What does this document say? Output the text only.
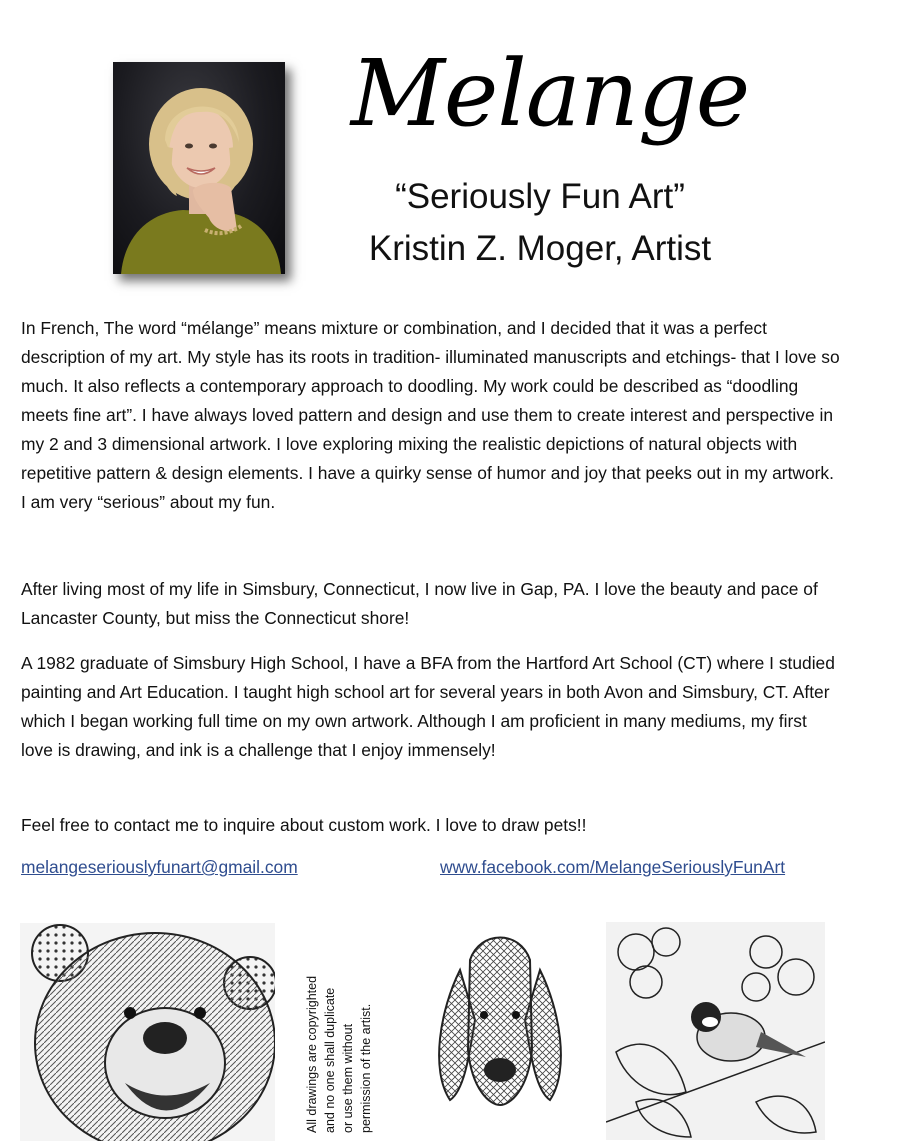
Melange
“Seriously Fun Art”
Kristin Z. Moger, Artist

In French, The word “mélange” means mixture or combination, and I decided that it was a perfect description of my art. My style has its roots in tradition- illuminated manuscripts and etchings- that I love so much. It also reflects a contemporary approach to doodling. My work could be described as “doodling meets fine art”. I have always loved pattern and design and use them to create interest and perspective in my 2 and 3 dimensional artwork. I love exploring mixing the realistic depictions of natural objects with repetitive pattern & design elements. I have a quirky sense of humor and joy that peeks out in my artwork. I am very “serious” about my fun.

After living most of my life in Simsbury, Connecticut, I now live in Gap, PA. I love the beauty and pace of Lancaster County, but miss the Connecticut shore!

A 1982 graduate of Simsbury High School, I have a BFA from the Hartford Art School (CT) where I studied painting and Art Education. I taught high school art for several years in both Avon and Simsbury, CT. After which I began working full time on my own artwork. Although I am proficient in many mediums, my first love is drawing, and ink is a challenge that I enjoy immensely!

Feel free to contact me to inquire about custom work. I love to draw pets!!

melangeseriouslyfunart@gmail.com	www.facebook.com/MelangeSeriouslyFunArt
All drawings are copyrighted and no one shall duplicate or use them without permission of the artist.
